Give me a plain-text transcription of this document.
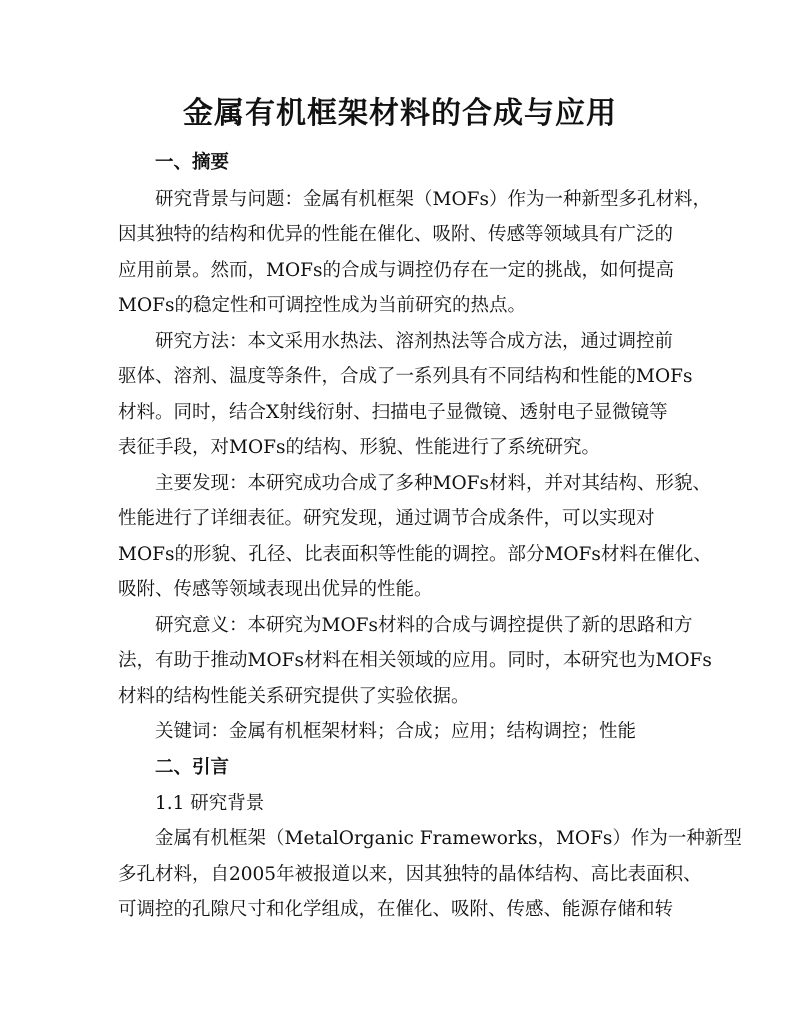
金属有机框架材料的合成与应用

一、摘要

研究背景与问题：金属有机框架（MOFs）作为一种新型多孔材料，

因其独特的结构和优异的性能在催化、吸附、传感等领域具有广泛的

应用前景。然而，MOFs的合成与调控仍存在一定的挑战，如何提高

MOFs的稳定性和可调控性成为当前研究的热点。

研究方法：本文采用水热法、溶剂热法等合成方法，通过调控前

驱体、溶剂、温度等条件，合成了一系列具有不同结构和性能的MOFs

材料。同时，结合X射线衍射、扫描电子显微镜、透射电子显微镜等

表征手段，对MOFs的结构、形貌、性能进行了系统研究。

主要发现：本研究成功合成了多种MOFs材料，并对其结构、形貌、

性能进行了详细表征。研究发现，通过调节合成条件，可以实现对

MOFs的形貌、孔径、比表面积等性能的调控。部分MOFs材料在催化、

吸附、传感等领域表现出优异的性能。

研究意义：本研究为MOFs材料的合成与调控提供了新的思路和方

法，有助于推动MOFs材料在相关领域的应用。同时，本研究也为MOFs

材料的结构性能关系研究提供了实验依据。

关键词：金属有机框架材料；合成；应用；结构调控；性能

二、引言

1.1 研究背景

金属有机框架（MetalOrganic Frameworks，MOFs）作为一种新型

多孔材料，自2005年被报道以来，因其独特的晶体结构、高比表面积、

可调控的孔隙尺寸和化学组成，在催化、吸附、传感、能源存储和转
